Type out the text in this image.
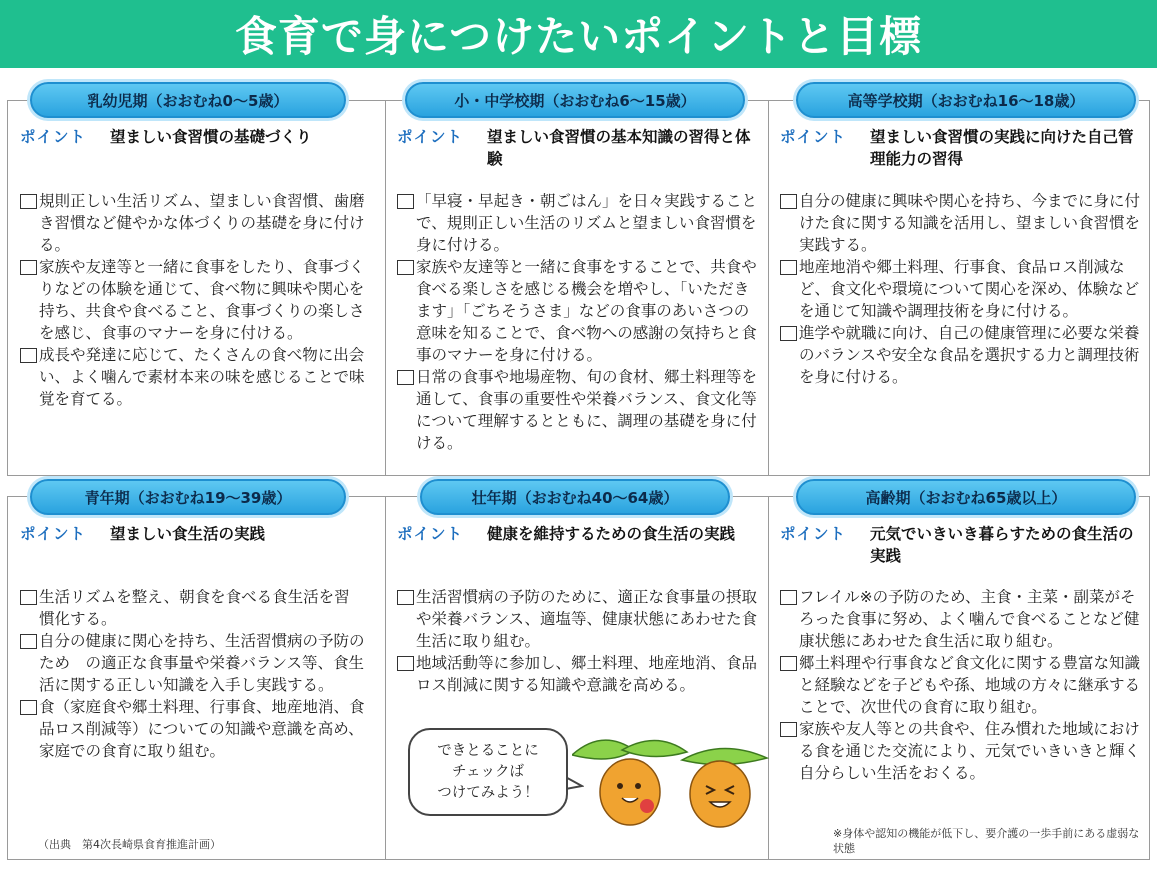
食育で身につけたいポイントと目標
乳幼児期（おおむね0～5歳）	小・中学校期（おおむね6～15歳）	高等学校期（おおむね16～18歳）
青年期（おおむね19～39歳）	壮年期（おおむね40～64歳）	高齢期（おおむね65歳以上）
ポイント	望ましい食習慣の基礎づくり	ポイント	望ましい食習慣の基本知識の習得と体験
ポイント	望ましい食習慣の実践に向けた自己管理能力の習得
ポイント	望ましい食生活の実践	ポイント	健康を維持するための食生活の実践	ポイント	元気でいきいき暮らすための食生活の実践
規則正しい生活リズム、望ましい食習慣、歯磨き習慣など健やかな体づくりの基礎を身に付ける。
家族や友達等と一緒に食事をしたり、食事づくりなどの体験を通じて、食べ物に興味や関心を持ち、共食や食べること、食事づくりの楽しさを感じ、食事のマナーを身に付ける。
成長や発達に応じて、たくさんの食べ物に出会い、よく噛んで素材本来の味を感じることで味覚を育てる。
「早寝・早起き・朝ごはん」を日々実践することで、規則正しい生活のリズムと望ましい食習慣を身に付ける。
家族や友達等と一緒に食事をすることで、共食や食べる楽しさを感じる機会を増やし、「いただきます」「ごちそうさま」などの食事のあいさつの意味を知ることで、食べ物への感謝の気持ちと食事のマナーを身に付ける。
日常の食事や地場産物、旬の食材、郷土料理等を通して、食事の重要性や栄養バランス、食文化等について理解するとともに、調理の基礎を身に付ける。
自分の健康に興味や関心を持ち、今までに身に付けた食に関する知識を活用し、望ましい食習慣を実践する。
地産地消や郷土料理、行事食、食品ロス削減など、食文化や環境について関心を深め、体験などを通じて知識や調理技術を身に付ける。
進学や就職に向け、自己の健康管理に必要な栄養のバランスや安全な食品を選択する力と調理技術を身に付ける。
生活リズムを整え、朝食を食べる食生活を習慣化する。
自分の健康に関心を持ち、生活習慣病の予防のため　の適正な食事量や栄養バランス等、食生活に関する正しい知識を入手し実践する。
食（家庭食や郷土料理、行事食、地産地消、食品ロス削減等）についての知識や意識を高め、家庭での食育に取り組む。
生活習慣病の予防のために、適正な食事量の摂取や栄養バランス、適塩等、健康状態にあわせた食生活に取り組む。
地域活動等に参加し、郷土料理、地産地消、食品ロス削減に関する知識や意識を高める。
フレイル※の予防のため、主食・主菜・副菜がそろった食事に努め、よく噛んで食べることなど健康状態にあわせた食生活に取り組む。
郷土料理や行事食など食文化に関する豊富な知識と経験などを子どもや孫、地域の方々に継承することで、次世代の食育に取り組む。
家族や友人等との共食や、住み慣れた地域における食を通じた交流により、元気でいきいきと輝く自分らしい生活をおくる。
できとることに
チェックば
つけてみよう！
（出典　第4次長崎県食育推進計画）
※身体や認知の機能が低下し、要介護の一歩手前にある虚弱な状態
